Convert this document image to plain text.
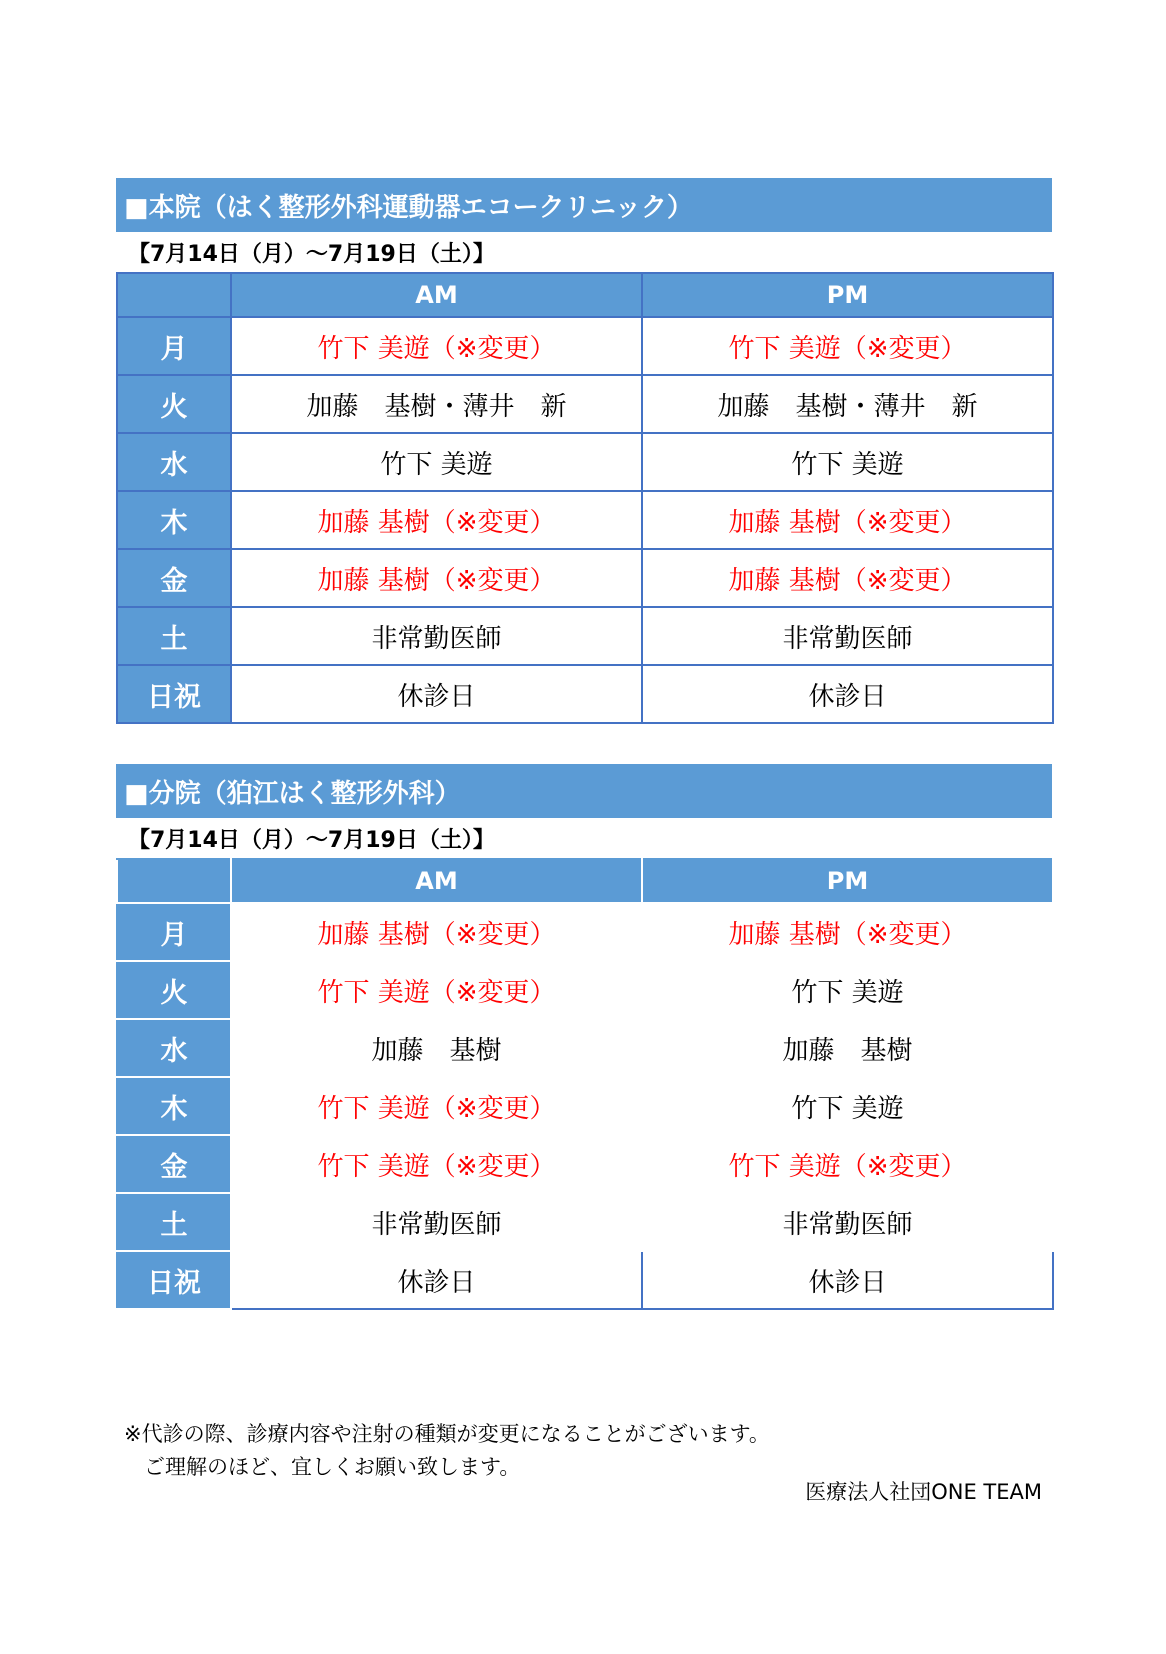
■本院（はく整形外科運動器エコークリニック）
【7月14日（月）～7月19日（土）】
	AM	PM
月	竹下 美遊（※変更）	竹下 美遊（※変更）
火	加藤　基樹・薄井　新	加藤　基樹・薄井　新
水	竹下 美遊	竹下 美遊
木	加藤 基樹（※変更）	加藤 基樹（※変更）
金	加藤 基樹（※変更）	加藤 基樹（※変更）
土	非常勤医師	非常勤医師
日祝	休診日	休診日
■分院（狛江はく整形外科）
【7月14日（月）～7月19日（土）】
	AM	PM
月	加藤 基樹（※変更）	加藤 基樹（※変更）
火	竹下 美遊（※変更）	竹下 美遊
水	加藤　基樹	加藤　基樹
木	竹下 美遊（※変更）	竹下 美遊
金	竹下 美遊（※変更）	竹下 美遊（※変更）
土	非常勤医師	非常勤医師
日祝	休診日	休診日
※代診の際、診療内容や注射の種類が変更になることがございます。
ご理解のほど、宜しくお願い致します。
医療法人社団ONE TEAM
